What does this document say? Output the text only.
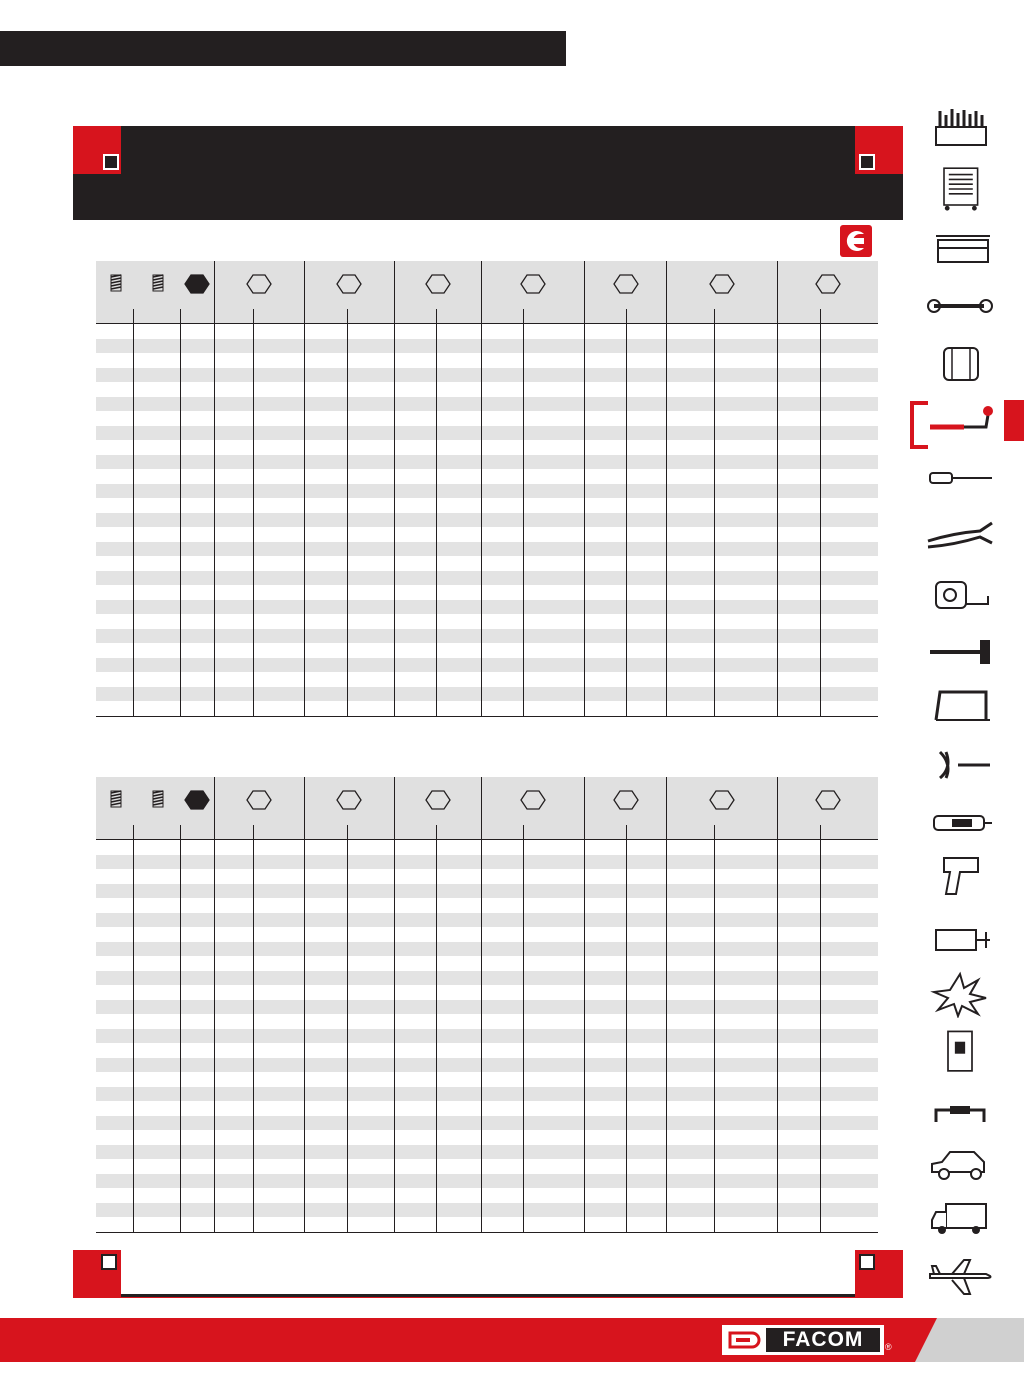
FACOM	®
